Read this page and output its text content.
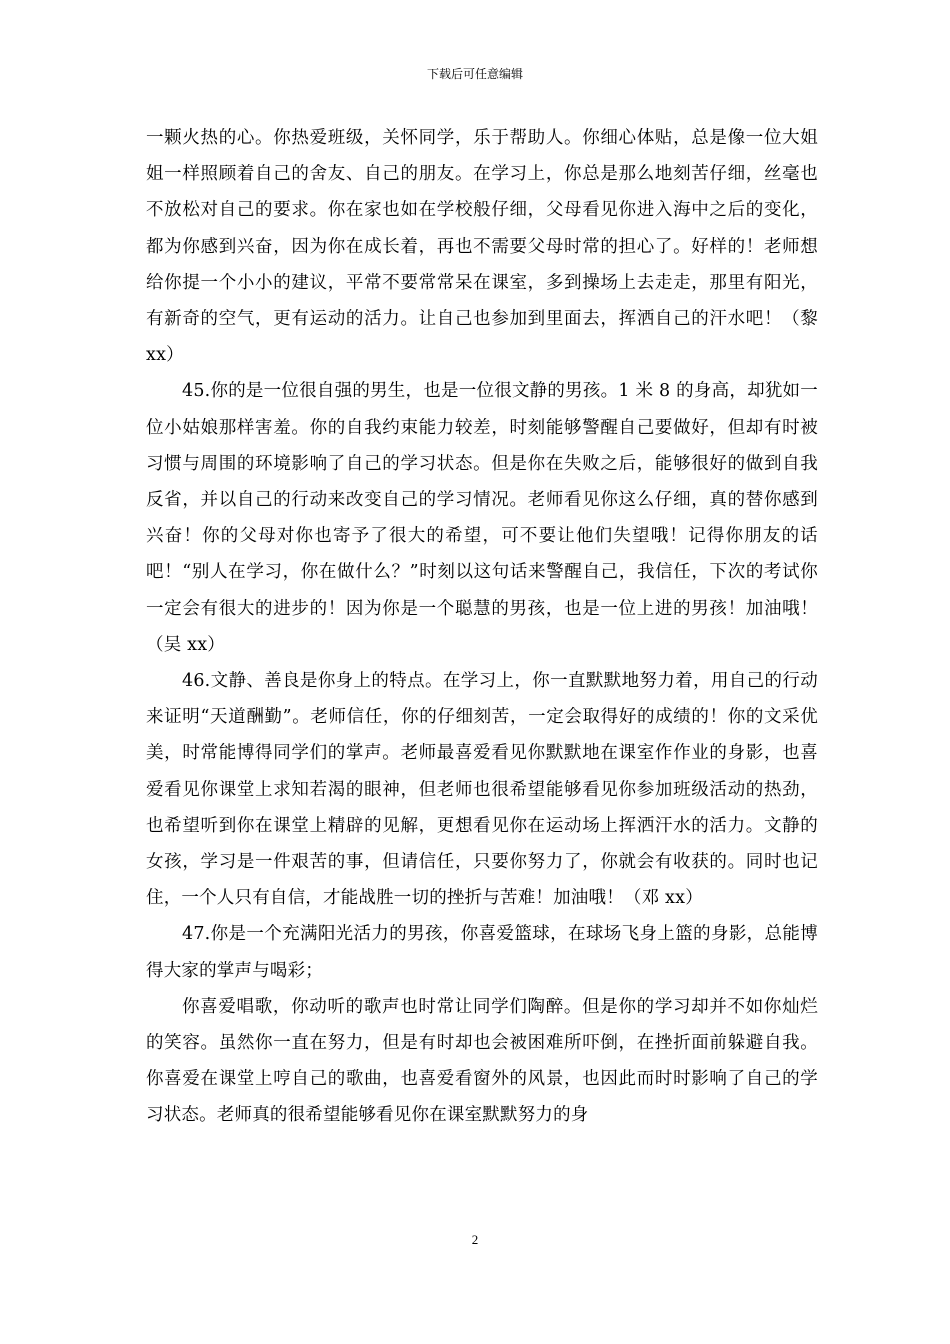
下载后可任意编辑

一颗火热的心。你热爱班级，关怀同学，乐于帮助人。你细心体贴，总是像一位大姐姐一样照顾着自己的舍友、自己的朋友。在学习上，你总是那么地刻苦仔细，丝毫也不放松对自己的要求。你在家也如在学校般仔细，父母看见你进入海中之后的变化，都为你感到兴奋，因为你在成长着，再也不需要父母时常的担心了。好样的！老师想给你提一个小小的建议，平常不要常常呆在课室，多到操场上去走走，那里有阳光，有新奇的空气，更有运动的活力。让自己也参加到里面去，挥洒自己的汗水吧！（黎 xx）

45.你的是一位很自强的男生，也是一位很文静的男孩。1 米 8 的身高，却犹如一位小姑娘那样害羞。你的自我约束能力较差，时刻能够警醒自己要做好，但却有时被习惯与周围的环境影响了自己的学习状态。但是你在失败之后，能够很好的做到自我反省，并以自己的行动来改变自己的学习情况。老师看见你这么仔细，真的替你感到兴奋！你的父母对你也寄予了很大的希望，可不要让他们失望哦！记得你朋友的话吧！“别人在学习，你在做什么？”时刻以这句话来警醒自己，我信任，下次的考试你一定会有很大的进步的！因为你是一个聪慧的男孩，也是一位上进的男孩！加油哦！（吴 xx）

46.文静、善良是你身上的特点。在学习上，你一直默默地努力着，用自己的行动来证明“天道酬勤”。老师信任，你的仔细刻苦，一定会取得好的成绩的！你的文采优美，时常能博得同学们的掌声。老师最喜爱看见你默默地在课室作作业的身影，也喜爱看见你课堂上求知若渴的眼神，但老师也很希望能够看见你参加班级活动的热劲，也希望听到你在课堂上精辟的见解，更想看见你在运动场上挥洒汗水的活力。文静的女孩，学习是一件艰苦的事，但请信任，只要你努力了，你就会有收获的。同时也记住，一个人只有自信，才能战胜一切的挫折与苦难！加油哦！（邓 xx）

47.你是一个充满阳光活力的男孩，你喜爱篮球，在球场飞身上篮的身影，总能博得大家的掌声与喝彩；

你喜爱唱歌，你动听的歌声也时常让同学们陶醉。但是你的学习却并不如你灿烂的笑容。虽然你一直在努力，但是有时却也会被困难所吓倒，在挫折面前躲避自我。你喜爱在课堂上哼自己的歌曲，也喜爱看窗外的风景，也因此而时时影响了自己的学习状态。老师真的很希望能够看见你在课室默默努力的身

2
